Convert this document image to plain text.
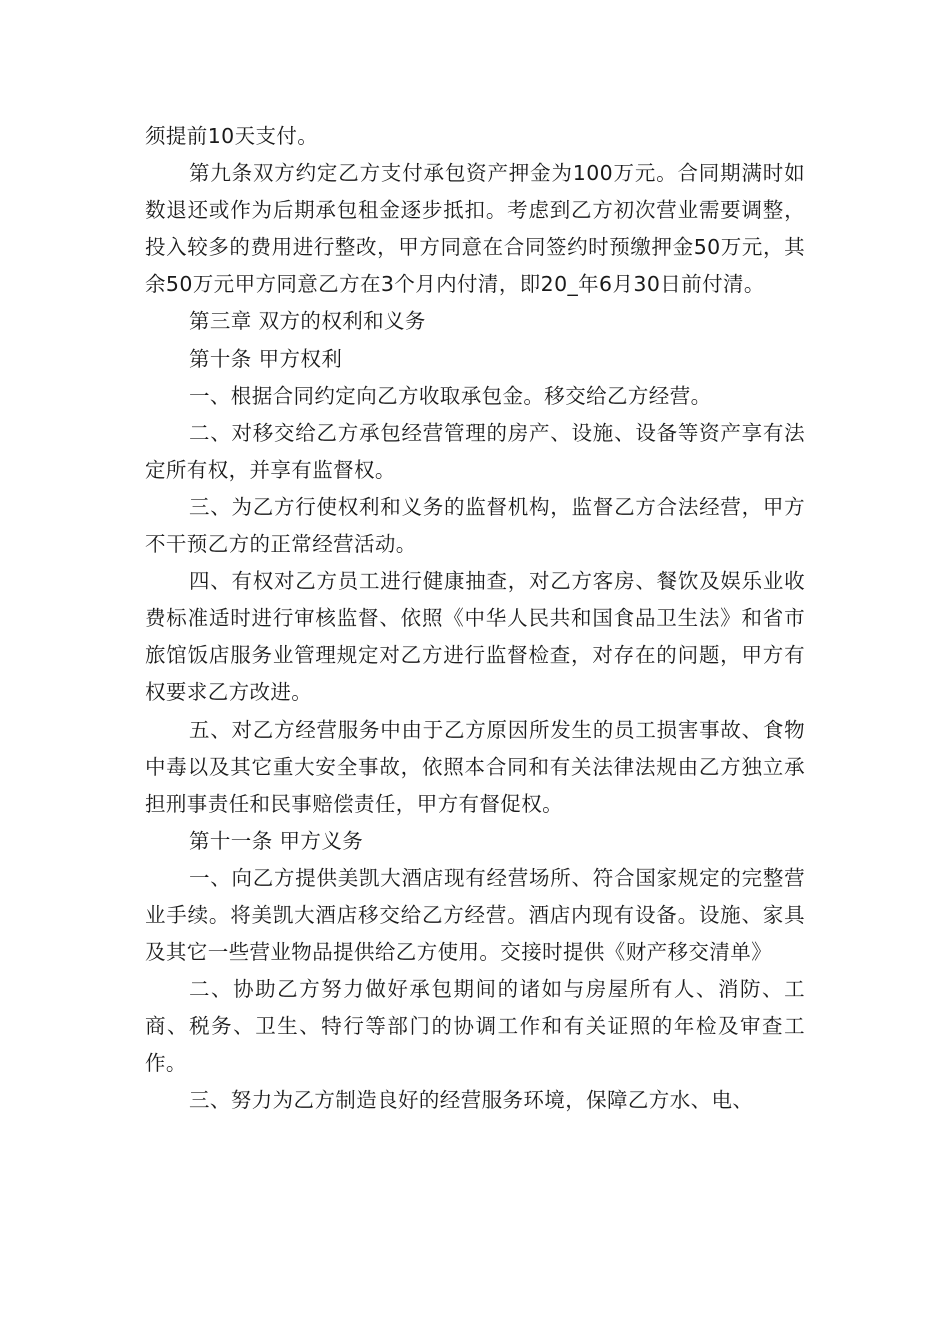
须提前10天支付。

第九条双方约定乙方支付承包资产押金为100万元。合同期满时如数退还或作为后期承包租金逐步抵扣。考虑到乙方初次营业需要调整，投入较多的费用进行整改，甲方同意在合同签约时预缴押金50万元，其余50万元甲方同意乙方在3个月内付清，即20_年6月30日前付清。

第三章 双方的权利和义务

第十条 甲方权利

一、根据合同约定向乙方收取承包金。移交给乙方经营。

二、对移交给乙方承包经营管理的房产、设施、设备等资产享有法定所有权，并享有监督权。

三、为乙方行使权利和义务的监督机构，监督乙方合法经营，甲方不干预乙方的正常经营活动。

四、有权对乙方员工进行健康抽查，对乙方客房、餐饮及娱乐业收费标准适时进行审核监督、依照《中华人民共和国食品卫生法》和省市旅馆饭店服务业管理规定对乙方进行监督检查，对存在的问题，甲方有权要求乙方改进。

五、对乙方经营服务中由于乙方原因所发生的员工损害事故、食物中毒以及其它重大安全事故，依照本合同和有关法律法规由乙方独立承担刑事责任和民事赔偿责任，甲方有督促权。

第十一条 甲方义务

一、向乙方提供美凯大酒店现有经营场所、符合国家规定的完整营业手续。将美凯大酒店移交给乙方经营。酒店内现有设备。设施、家具及其它一些营业物品提供给乙方使用。交接时提供《财产移交清单》

二、协助乙方努力做好承包期间的诸如与房屋所有人、消防、工商、税务、卫生、特行等部门的协调工作和有关证照的年检及审查工作。

三、努力为乙方制造良好的经营服务环境，保障乙方水、电、
